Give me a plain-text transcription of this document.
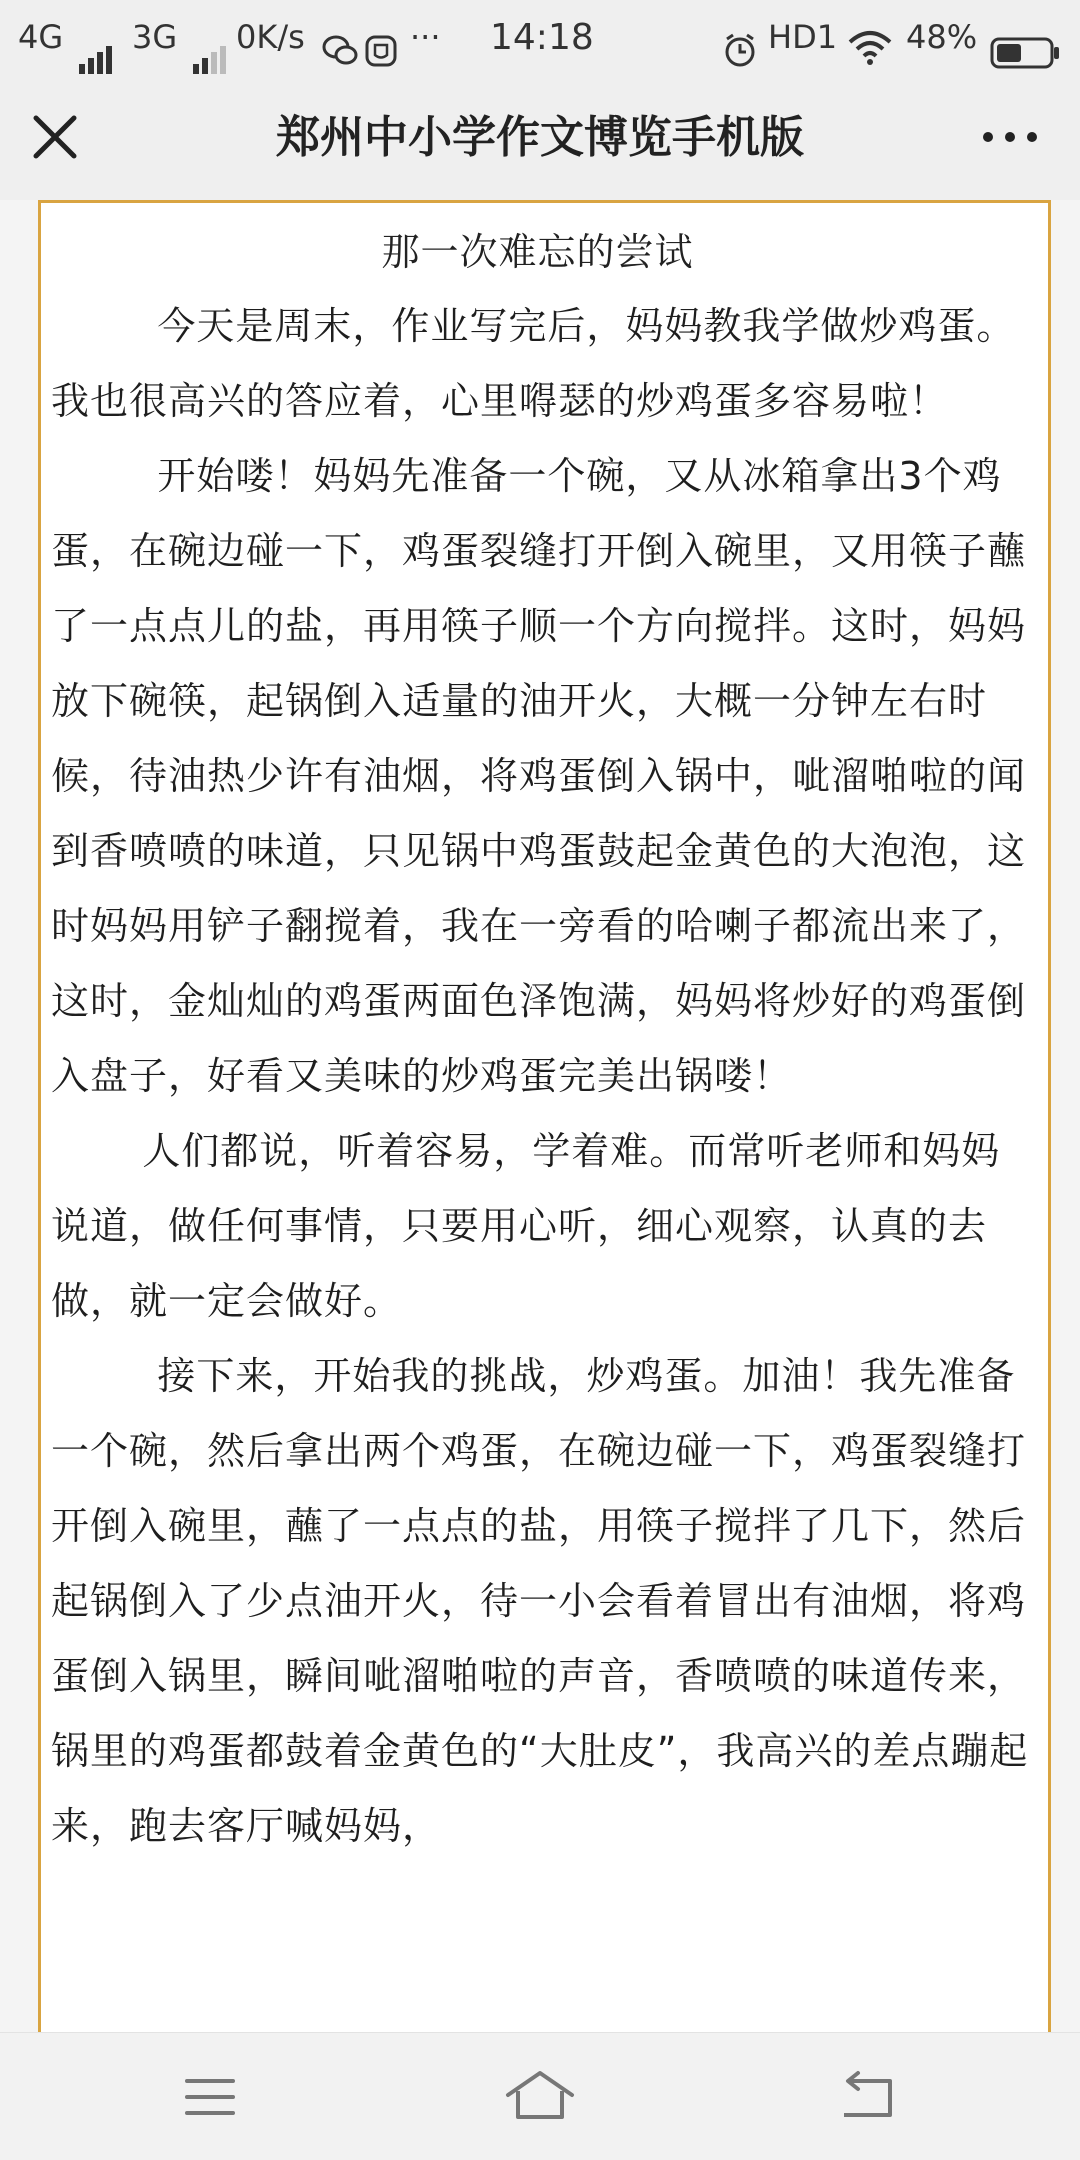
4G	3G	0K/s	··· 14:18	HD1 48%
郑州中小学作文博览手机版
那一次难忘的尝试

今天是周末，作业写完后，妈妈教我学做炒鸡蛋。我也很高兴的答应着，心里嘚瑟的炒鸡蛋多容易啦！

开始喽！妈妈先准备一个碗，又从冰箱拿出3个鸡蛋，在碗边碰一下，鸡蛋裂缝打开倒入碗里，又用筷子蘸了一点点儿的盐，再用筷子顺一个方向搅拌。这时，妈妈放下碗筷，起锅倒入适量的油开火，大概一分钟左右时候，待油热少许有油烟，将鸡蛋倒入锅中，呲溜啪啦的闻到香喷喷的味道，只见锅中鸡蛋鼓起金黄色的大泡泡，这时妈妈用铲子翻搅着，我在一旁看的哈喇子都流出来了，这时，金灿灿的鸡蛋两面色泽饱满，妈妈将炒好的鸡蛋倒入盘子，好看又美味的炒鸡蛋完美出锅喽！

人们都说，听着容易，学着难。而常听老师和妈妈说道，做任何事情，只要用心听，细心观察，认真的去做，就一定会做好。

接下来，开始我的挑战，炒鸡蛋。加油！我先准备一个碗，然后拿出两个鸡蛋，在碗边碰一下，鸡蛋裂缝打开倒入碗里，蘸了一点点的盐，用筷子搅拌了几下，然后起锅倒入了少点油开火，待一小会看着冒出有油烟，将鸡蛋倒入锅里，瞬间呲溜啪啦的声音，香喷喷的味道传来，锅里的鸡蛋都鼓着金黄色的“大肚皮”，我高兴的差点蹦起来，跑去客厅喊妈妈，
